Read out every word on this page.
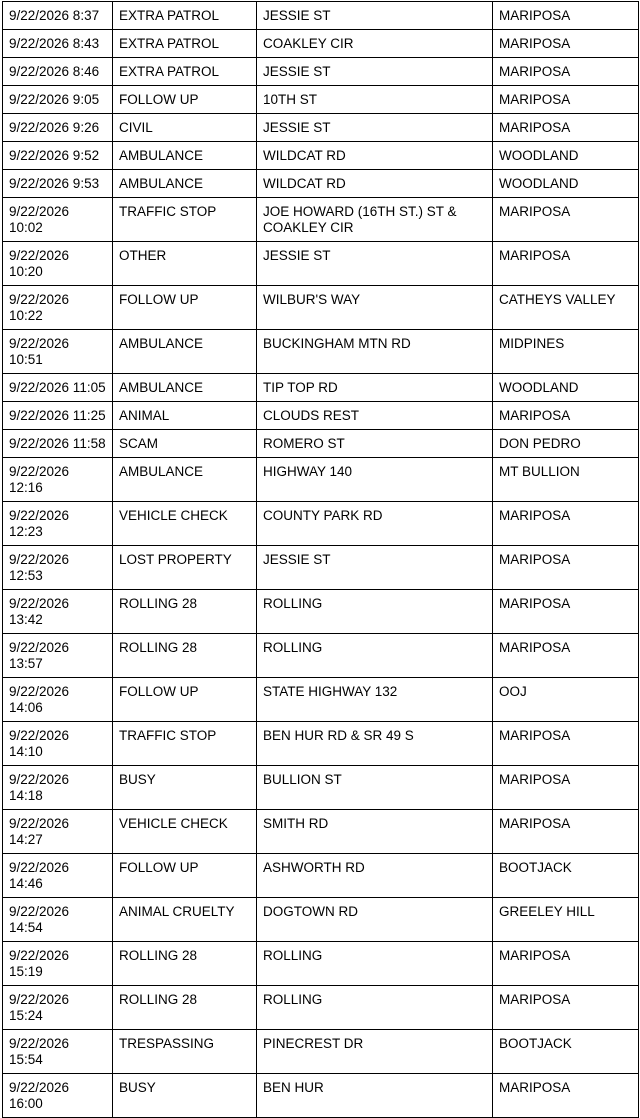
9/22/2026 8:37	EXTRA PATROL	JESSIE ST	MARIPOSA
9/22/2026 8:43	EXTRA PATROL	COAKLEY CIR	MARIPOSA
9/22/2026 8:46	EXTRA PATROL	JESSIE ST	MARIPOSA
9/22/2026 9:05	FOLLOW UP	10TH ST	MARIPOSA
9/22/2026 9:26	CIVIL	JESSIE ST	MARIPOSA
9/22/2026 9:52	AMBULANCE	WILDCAT RD	WOODLAND
9/22/2026 9:53	AMBULANCE	WILDCAT RD	WOODLAND
9/22/2026 10:02	TRAFFIC STOP	JOE HOWARD (16TH ST.) ST & COAKLEY CIR	MARIPOSA
9/22/2026 10:20	OTHER	JESSIE ST	MARIPOSA
9/22/2026 10:22	FOLLOW UP	WILBUR'S WAY	CATHEYS VALLEY
9/22/2026 10:51	AMBULANCE	BUCKINGHAM MTN RD	MIDPINES
9/22/2026 11:05	AMBULANCE	TIP TOP RD	WOODLAND
9/22/2026 11:25	ANIMAL	CLOUDS REST	MARIPOSA
9/22/2026 11:58	SCAM	ROMERO ST	DON PEDRO
9/22/2026 12:16	AMBULANCE	HIGHWAY 140	MT BULLION
9/22/2026 12:23	VEHICLE CHECK	COUNTY PARK RD	MARIPOSA
9/22/2026 12:53	LOST PROPERTY	JESSIE ST	MARIPOSA
9/22/2026 13:42	ROLLING 28	ROLLING	MARIPOSA
9/22/2026 13:57	ROLLING 28	ROLLING	MARIPOSA
9/22/2026 14:06	FOLLOW UP	STATE HIGHWAY 132	OOJ
9/22/2026 14:10	TRAFFIC STOP	BEN HUR RD & SR 49 S	MARIPOSA
9/22/2026 14:18	BUSY	BULLION ST	MARIPOSA
9/22/2026 14:27	VEHICLE CHECK	SMITH RD	MARIPOSA
9/22/2026 14:46	FOLLOW UP	ASHWORTH RD	BOOTJACK
9/22/2026 14:54	ANIMAL CRUELTY	DOGTOWN RD	GREELEY HILL
9/22/2026 15:19	ROLLING 28	ROLLING	MARIPOSA
9/22/2026 15:24	ROLLING 28	ROLLING	MARIPOSA
9/22/2026 15:54	TRESPASSING	PINECREST DR	BOOTJACK
9/22/2026 16:00	BUSY	BEN HUR	MARIPOSA
